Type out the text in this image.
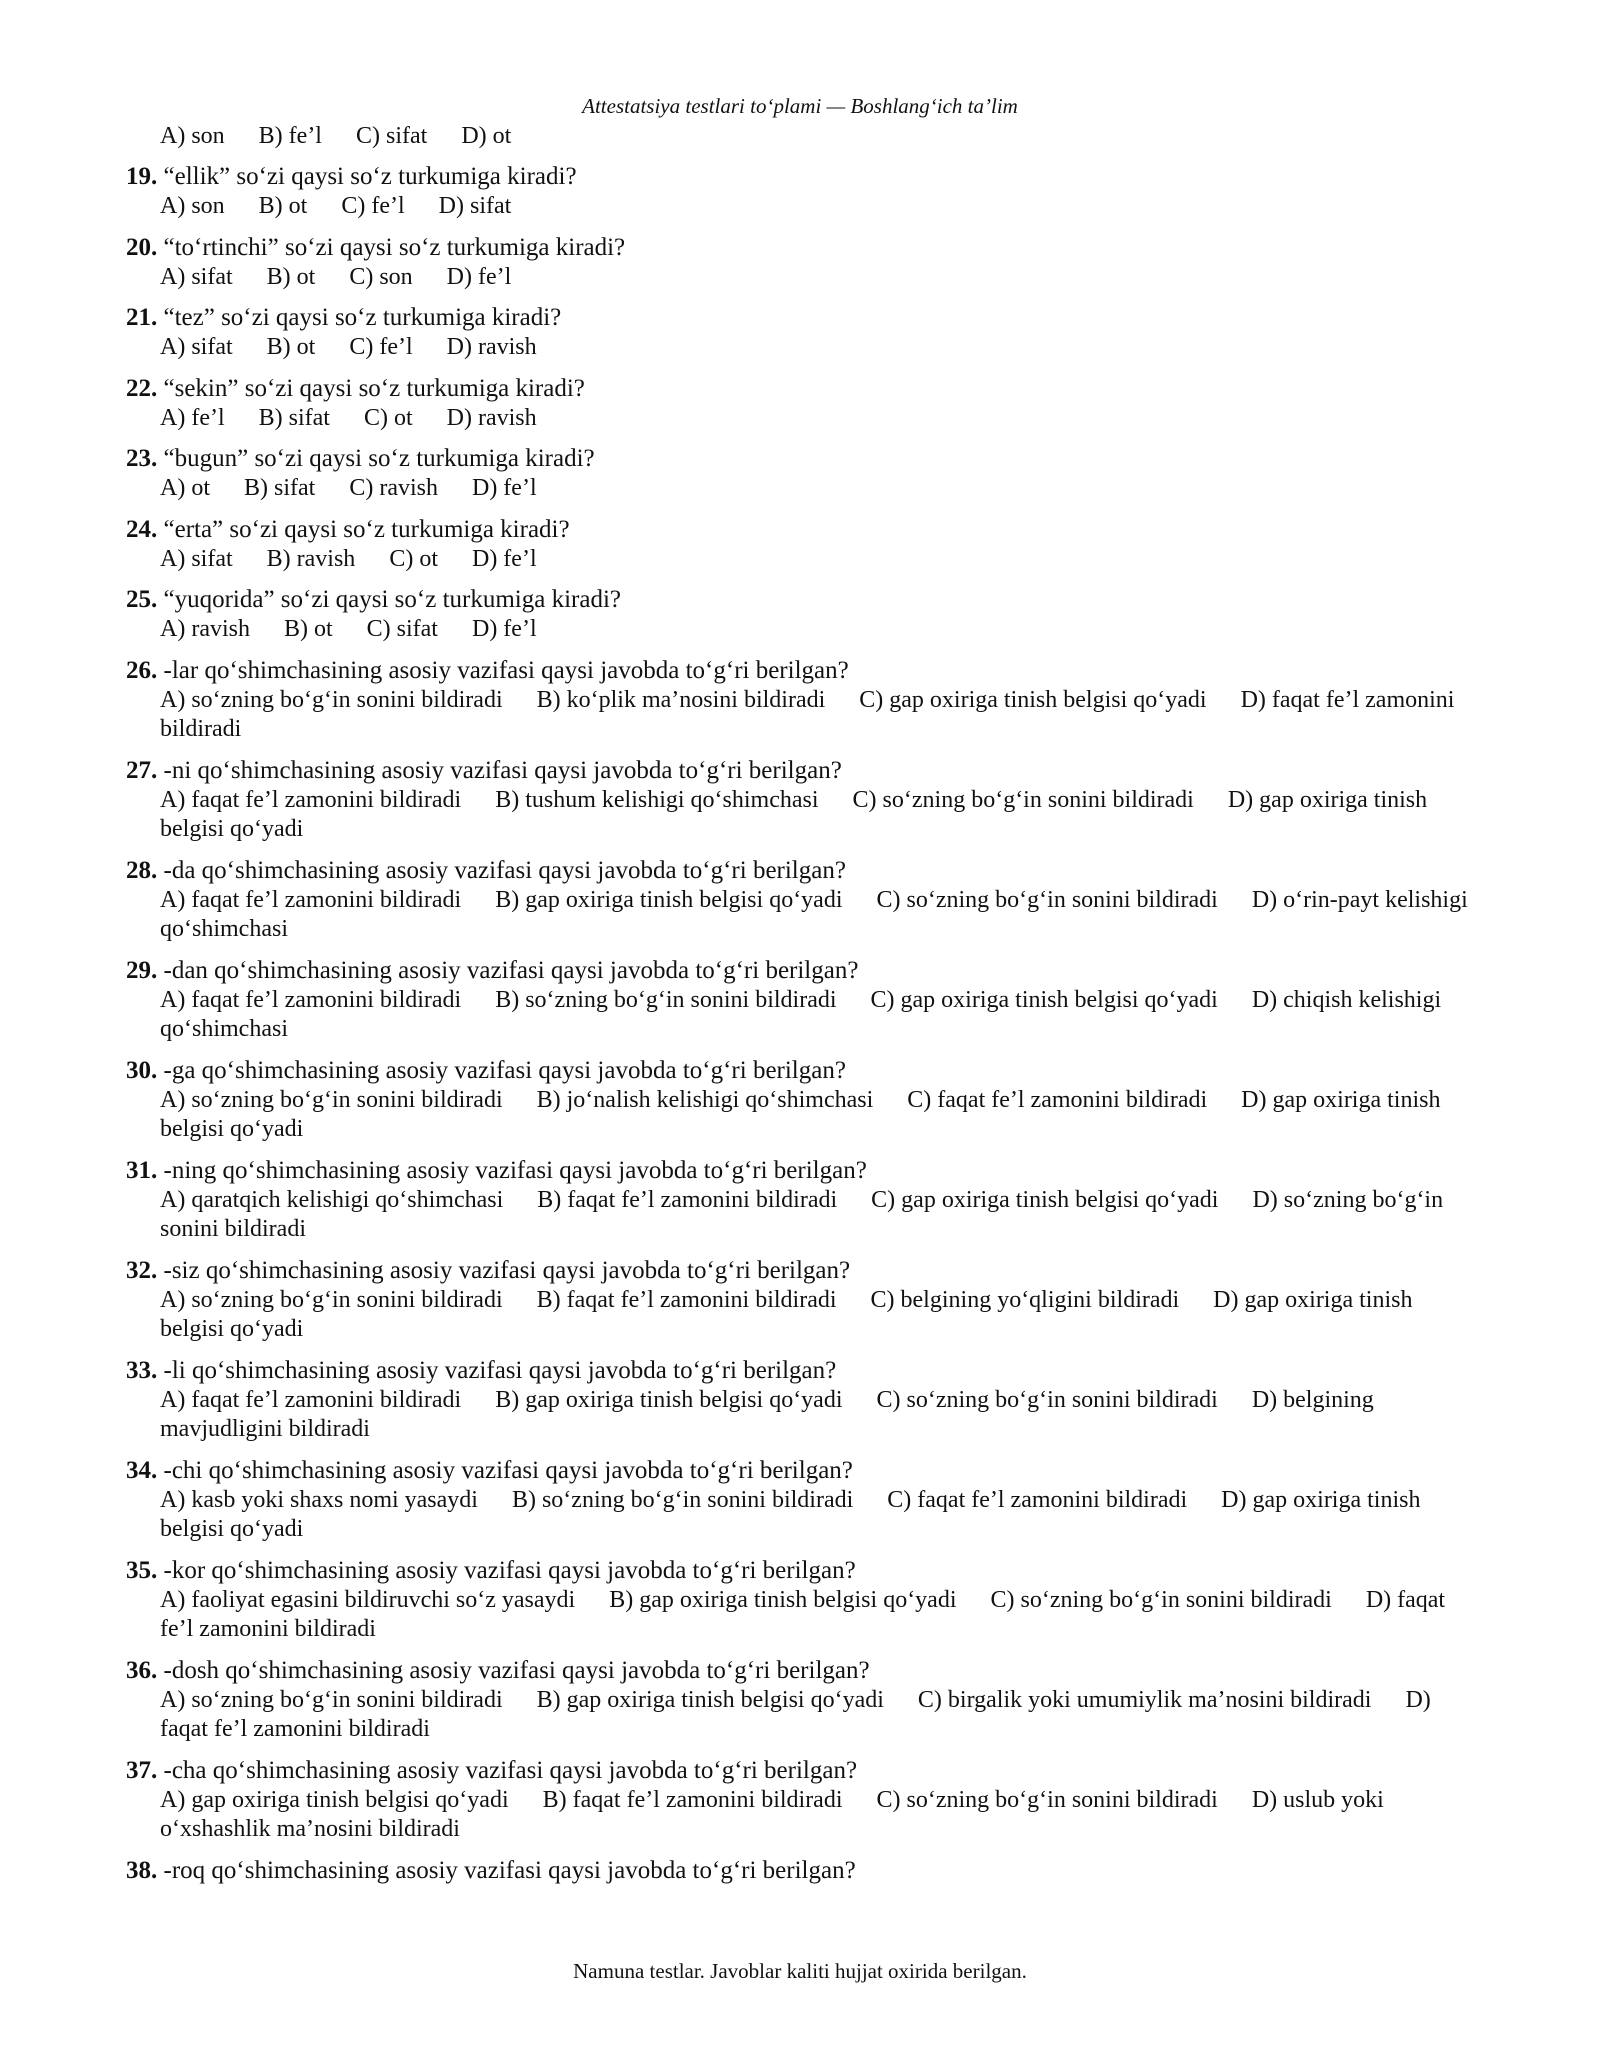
Attestatsiya testlari to‘plami — Boshlang‘ich ta’lim
A) son B) fe’l C) sifat D) ot
19. “ellik” so‘zi qaysi so‘z turkumiga kiradi?
A) son B) ot C) fe’l D) sifat
20. “to‘rtinchi” so‘zi qaysi so‘z turkumiga kiradi?
A) sifat B) ot C) son D) fe’l
21. “tez” so‘zi qaysi so‘z turkumiga kiradi?
A) sifat B) ot C) fe’l D) ravish
22. “sekin” so‘zi qaysi so‘z turkumiga kiradi?
A) fe’l B) sifat C) ot D) ravish
23. “bugun” so‘zi qaysi so‘z turkumiga kiradi?
A) ot B) sifat C) ravish D) fe’l
24. “erta” so‘zi qaysi so‘z turkumiga kiradi?
A) sifat B) ravish C) ot D) fe’l
25. “yuqorida” so‘zi qaysi so‘z turkumiga kiradi?
A) ravish B) ot C) sifat D) fe’l
26. -lar qo‘shimchasining asosiy vazifasi qaysi javobda to‘g‘ri berilgan?
A) so‘zning bo‘g‘in sonini bildiradi B) ko‘plik ma’nosini bildiradi C) gap oxiriga tinish belgisi qo‘yadi D) faqat fe’l zamonini bildiradi
27. -ni qo‘shimchasining asosiy vazifasi qaysi javobda to‘g‘ri berilgan?
A) faqat fe’l zamonini bildiradi B) tushum kelishigi qo‘shimchasi C) so‘zning bo‘g‘in sonini bildiradi D) gap oxiriga tinish belgisi qo‘yadi
28. -da qo‘shimchasining asosiy vazifasi qaysi javobda to‘g‘ri berilgan?
A) faqat fe’l zamonini bildiradi B) gap oxiriga tinish belgisi qo‘yadi C) so‘zning bo‘g‘in sonini bildiradi D) o‘rin-payt kelishigi qo‘shimchasi
29. -dan qo‘shimchasining asosiy vazifasi qaysi javobda to‘g‘ri berilgan?
A) faqat fe’l zamonini bildiradi B) so‘zning bo‘g‘in sonini bildiradi C) gap oxiriga tinish belgisi qo‘yadi D) chiqish kelishigi qo‘shimchasi
30. -ga qo‘shimchasining asosiy vazifasi qaysi javobda to‘g‘ri berilgan?
A) so‘zning bo‘g‘in sonini bildiradi B) jo‘nalish kelishigi qo‘shimchasi C) faqat fe’l zamonini bildiradi D) gap oxiriga tinish belgisi qo‘yadi
31. -ning qo‘shimchasining asosiy vazifasi qaysi javobda to‘g‘ri berilgan?
A) qaratqich kelishigi qo‘shimchasi B) faqat fe’l zamonini bildiradi C) gap oxiriga tinish belgisi qo‘yadi D) so‘zning bo‘g‘in sonini bildiradi
32. -siz qo‘shimchasining asosiy vazifasi qaysi javobda to‘g‘ri berilgan?
A) so‘zning bo‘g‘in sonini bildiradi B) faqat fe’l zamonini bildiradi C) belgining yo‘qligini bildiradi D) gap oxiriga tinish belgisi qo‘yadi
33. -li qo‘shimchasining asosiy vazifasi qaysi javobda to‘g‘ri berilgan?
A) faqat fe’l zamonini bildiradi B) gap oxiriga tinish belgisi qo‘yadi C) so‘zning bo‘g‘in sonini bildiradi D) belgining mavjudligini bildiradi
34. -chi qo‘shimchasining asosiy vazifasi qaysi javobda to‘g‘ri berilgan?
A) kasb yoki shaxs nomi yasaydi B) so‘zning bo‘g‘in sonini bildiradi C) faqat fe’l zamonini bildiradi D) gap oxiriga tinish belgisi qo‘yadi
35. -kor qo‘shimchasining asosiy vazifasi qaysi javobda to‘g‘ri berilgan?
A) faoliyat egasini bildiruvchi so‘z yasaydi B) gap oxiriga tinish belgisi qo‘yadi C) so‘zning bo‘g‘in sonini bildiradi D) faqat fe’l zamonini bildiradi
36. -dosh qo‘shimchasining asosiy vazifasi qaysi javobda to‘g‘ri berilgan?
A) so‘zning bo‘g‘in sonini bildiradi B) gap oxiriga tinish belgisi qo‘yadi C) birgalik yoki umumiylik ma’nosini bildiradi D) faqat fe’l zamonini bildiradi
37. -cha qo‘shimchasining asosiy vazifasi qaysi javobda to‘g‘ri berilgan?
A) gap oxiriga tinish belgisi qo‘yadi B) faqat fe’l zamonini bildiradi C) so‘zning bo‘g‘in sonini bildiradi D) uslub yoki o‘xshashlik ma’nosini bildiradi
38. -roq qo‘shimchasining asosiy vazifasi qaysi javobda to‘g‘ri berilgan?
Namuna testlar. Javoblar kaliti hujjat oxirida berilgan.
